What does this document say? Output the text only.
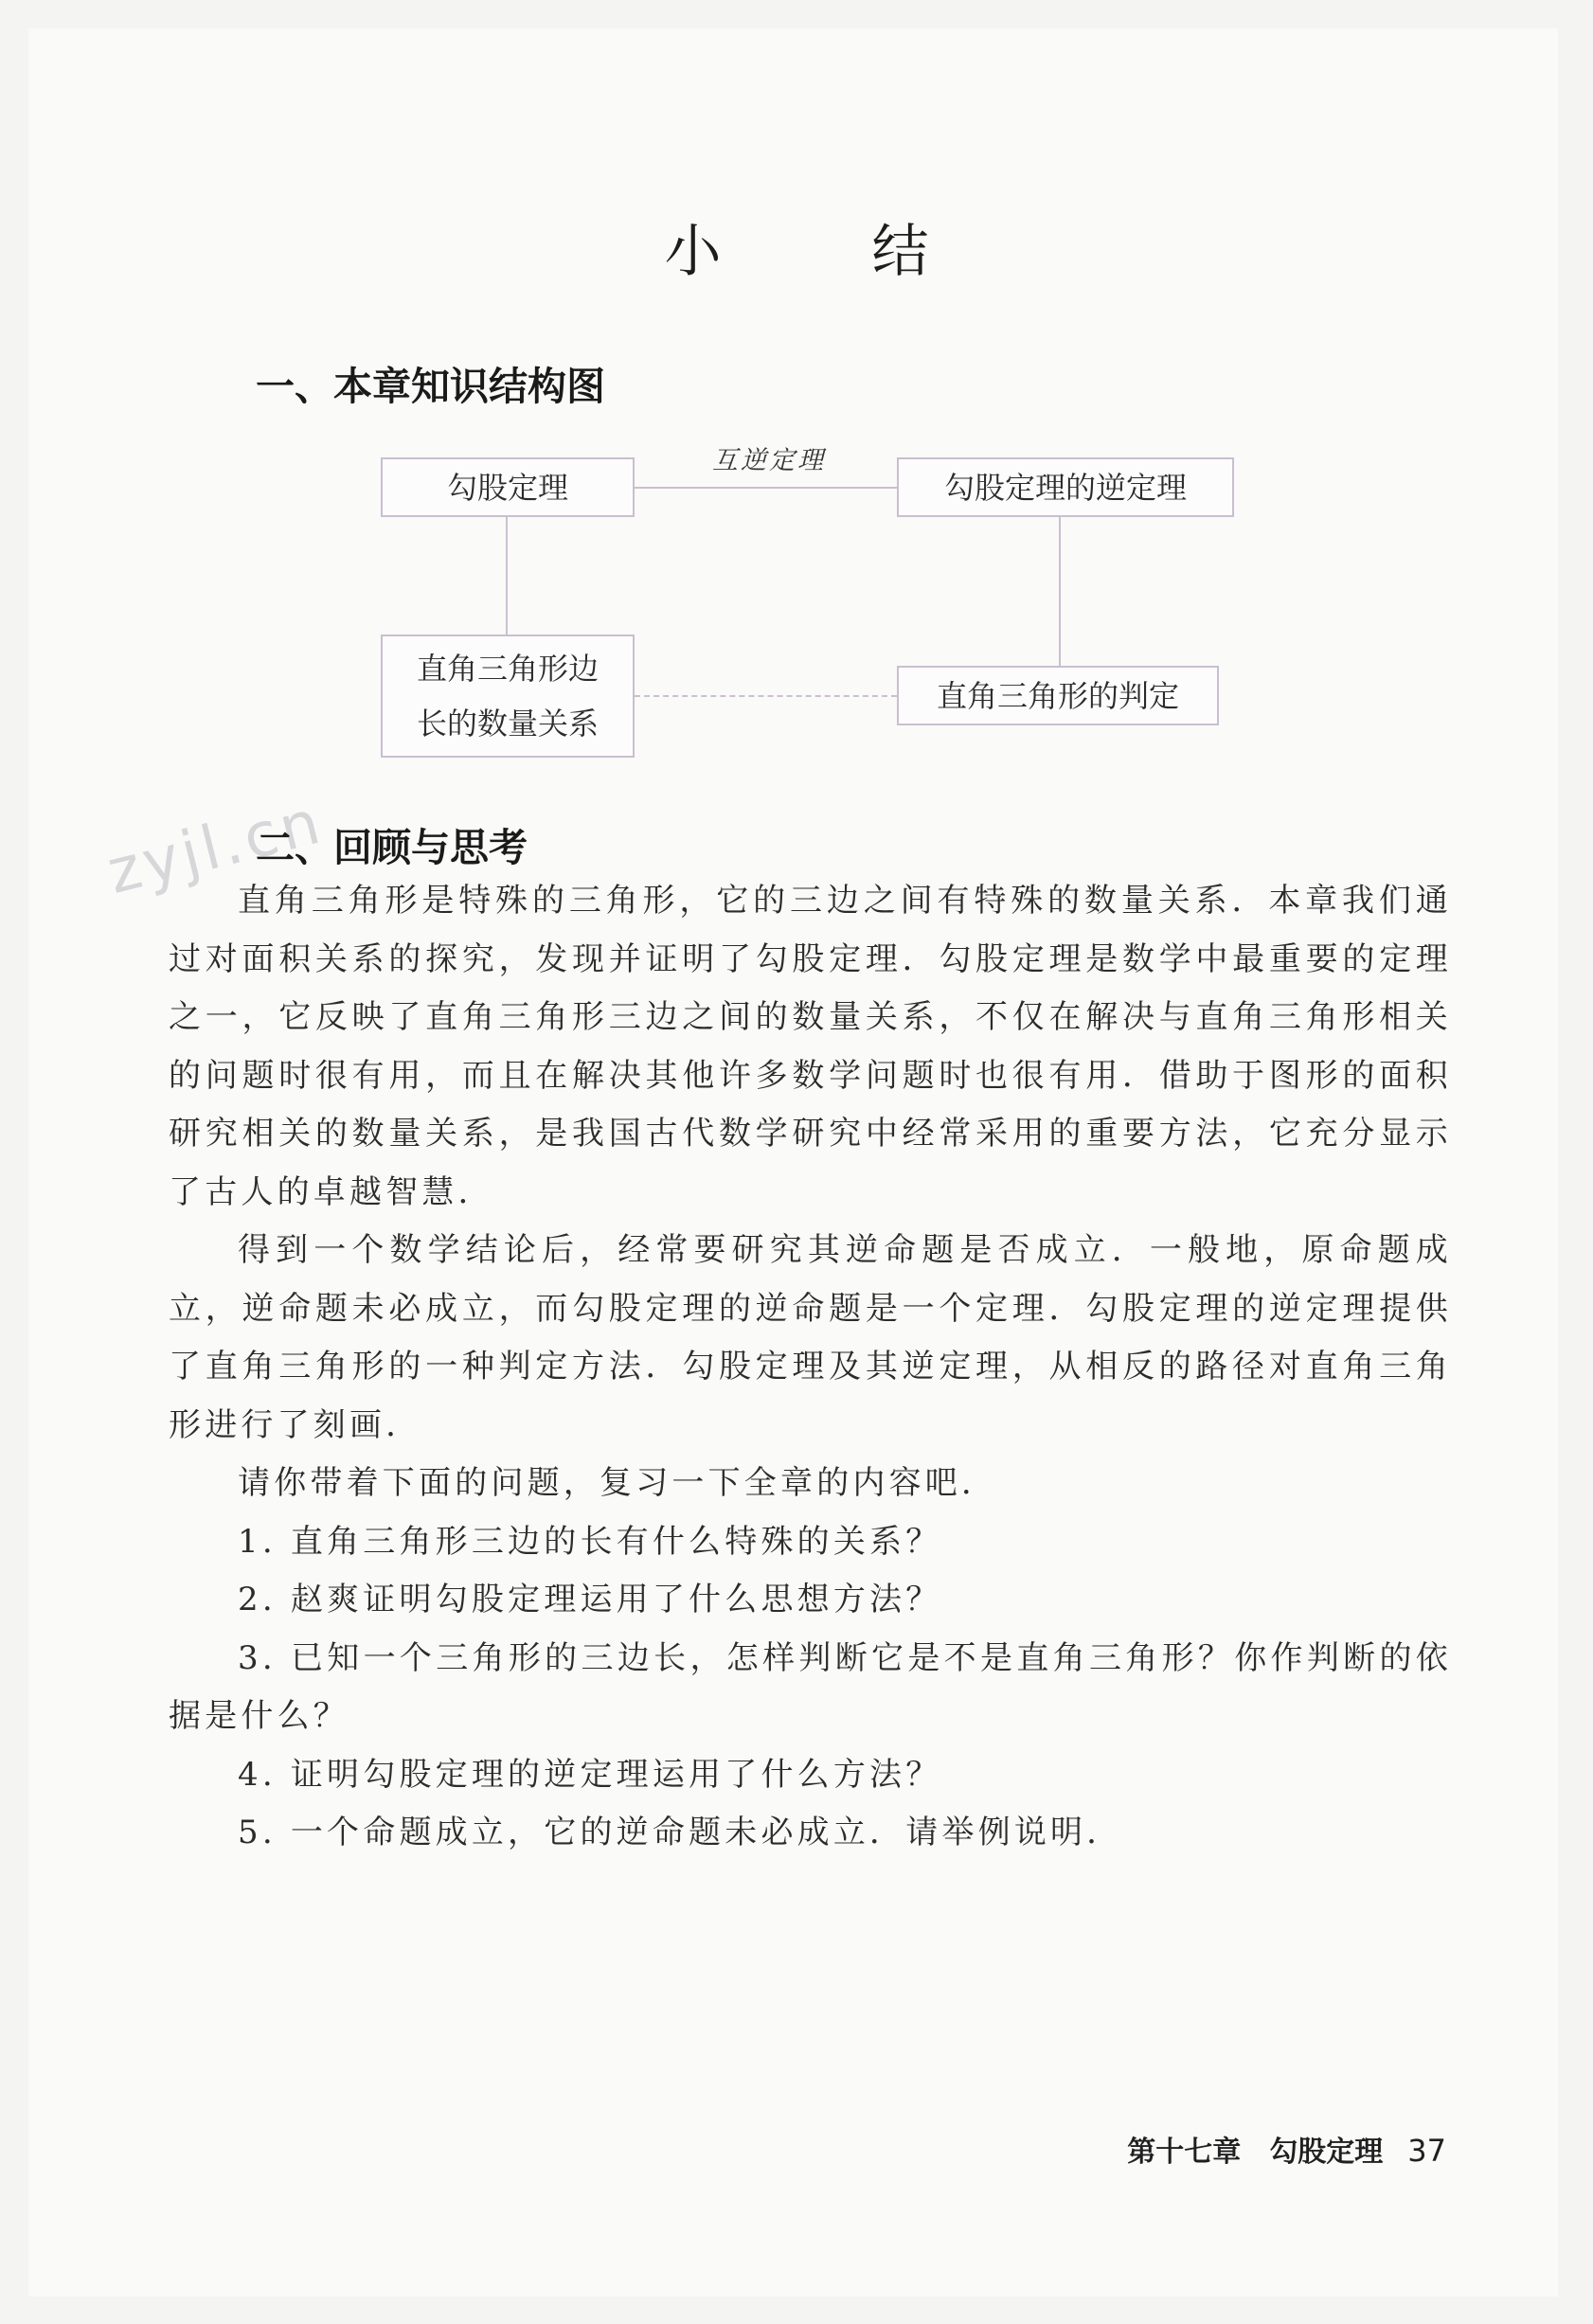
小 结
一、本章知识结构图
勾股定理	勾股定理的逆定理
直角三角形边
长的数量关系
直角三角形的判定
互逆定理
zyjl.cn
二、回顾与思考

直角三角形是特殊的三角形，它的三边之间有特殊的数量关系．本章我们通过对面积关系的探究，发现并证明了勾股定理．勾股定理是数学中最重要的定理之一，它反映了直角三角形三边之间的数量关系，不仅在解决与直角三角形相关的问题时很有用，而且在解决其他许多数学问题时也很有用．借助于图形的面积研究相关的数量关系，是我国古代数学研究中经常采用的重要方法，它充分显示了古人的卓越智慧．

得到一个数学结论后，经常要研究其逆命题是否成立．一般地，原命题成立，逆命题未必成立，而勾股定理的逆命题是一个定理．勾股定理的逆定理提供了直角三角形的一种判定方法．勾股定理及其逆定理，从相反的路径对直角三角形进行了刻画．

请你带着下面的问题，复习一下全章的内容吧．

1. 直角三角形三边的长有什么特殊的关系？

2. 赵爽证明勾股定理运用了什么思想方法？

3. 已知一个三角形的三边长，怎样判断它是不是直角三角形？你作判断的依据是什么？

4. 证明勾股定理的逆定理运用了什么方法？

5. 一个命题成立，它的逆命题未必成立．请举例说明．

第十七章　勾股定理 37
